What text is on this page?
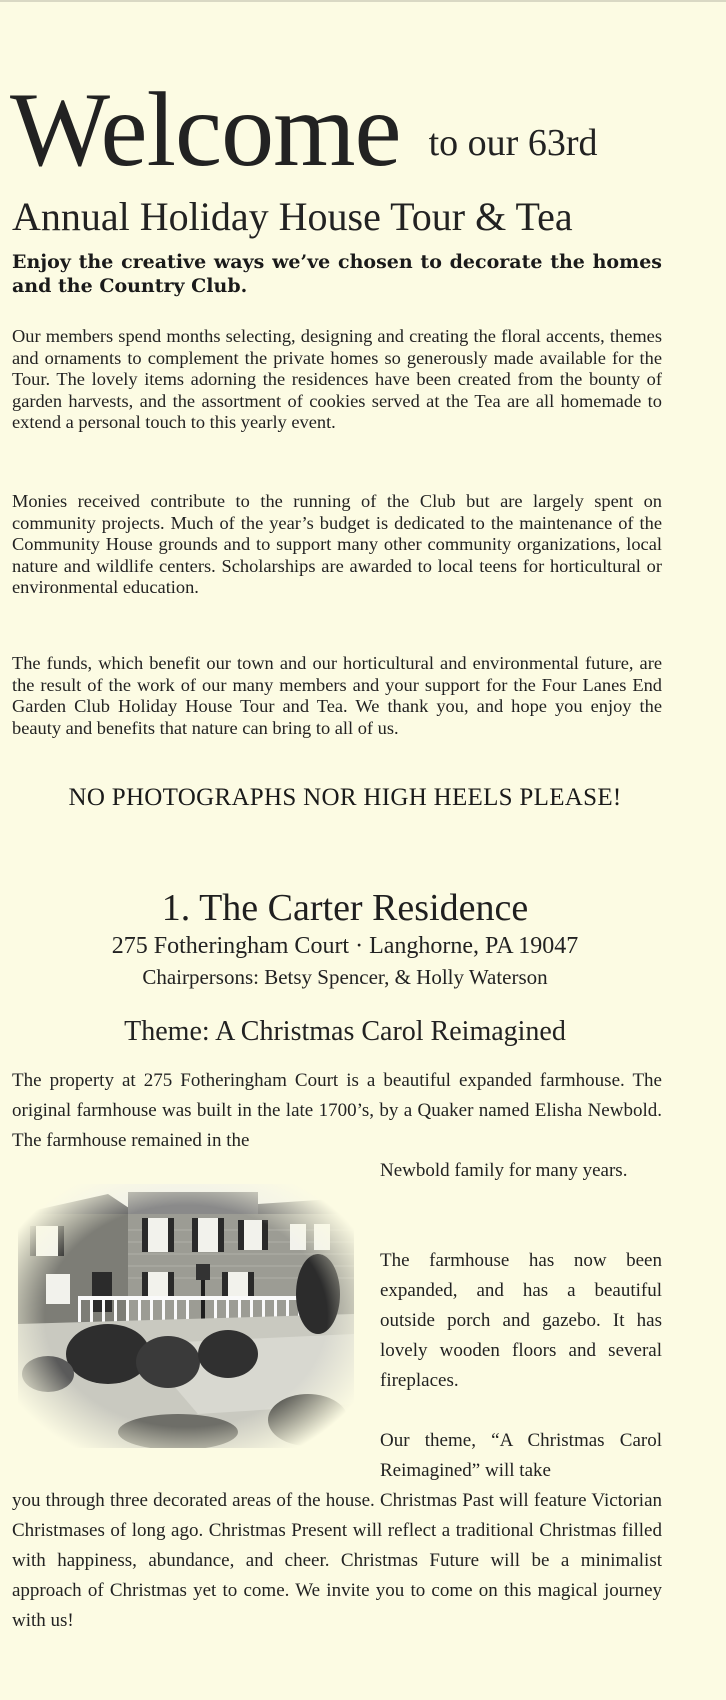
Welcome to our 63rd
Annual Holiday House Tour & Tea
Enjoy the creative ways we’ve chosen to decorate the homes and the Country Club.
Our members spend months selecting, designing and creating the floral accents, themes and ornaments to complement the private homes so generously made available for the Tour. The lovely items adorning the residences have been created from the bounty of garden harvests, and the assortment of cookies served at the Tea are all homemade to extend a personal touch to this yearly event.
Monies received contribute to the running of the Club but are largely spent on community projects. Much of the year’s budget is dedicated to the maintenance of the Community House grounds and to support many other community organizations, local nature and wildlife centers. Scholarships are awarded to local teens for horticultural or environmental education.
The funds, which benefit our town and our horticultural and environmental future, are the result of the work of our many members and your support for the Four Lanes End Garden Club Holiday House Tour and Tea. We thank you, and hope you enjoy the beauty and benefits that nature can bring to all of us.
NO PHOTOGRAPHS NOR HIGH HEELS PLEASE!
1. The Carter Residence
275 Fotheringham Court · Langhorne, PA 19047
Chairpersons: Betsy Spencer, & Holly Waterson
Theme: A Christmas Carol Reimagined
The property at 275 Fotheringham Court is a beautiful expanded farmhouse. The original farmhouse was built in the late 1700’s, by a Quaker named Elisha Newbold. The farmhouse remained in the
Newbold family for many years.
The farmhouse has now been expanded, and has a beautiful outside porch and gazebo. It has lovely wooden floors and several fireplaces.
Our theme, “A Christmas Carol Reimagined” will take
you through three decorated areas of the house. Christmas Past will feature Victorian Christmases of long ago. Christmas Present will reflect a traditional Christmas filled with happiness, abundance, and cheer. Christmas Future will be a minimalist approach of Christmas yet to come. We invite you to come on this magical journey with us!
